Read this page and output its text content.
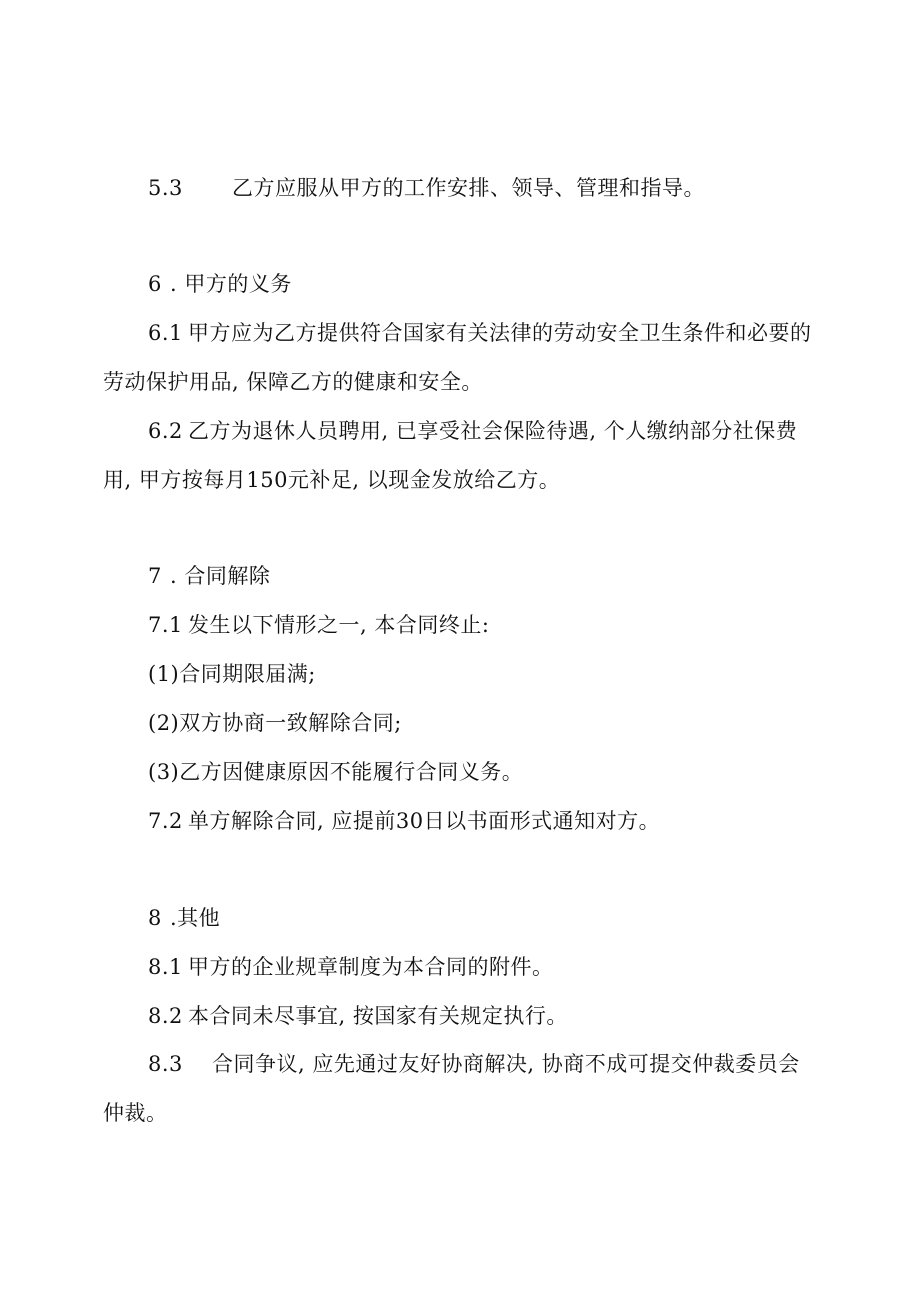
5.3 乙方应服从甲方的工作安排、领导、管理和指导。
6 . 甲方的义务
6.1 甲方应为乙方提供符合国家有关法律的劳动安全卫生条件和必要的
劳动保护用品, 保障乙方的健康和安全。
6.2 乙方为退休人员聘用, 已享受社会保险待遇, 个人缴纳部分社保费
用, 甲方按每月150元补足, 以现金发放给乙方。
7 . 合同解除
7.1 发生以下情形之一, 本合同终止:
(1)合同期限届满;
(2)双方协商一致解除合同;
(3)乙方因健康原因不能履行合同义务。
7.2 单方解除合同, 应提前30日以书面形式通知对方。
8 .其他
8.1 甲方的企业规章制度为本合同的附件。
8.2 本合同未尽事宜, 按国家有关规定执行。
8.3 合同争议, 应先通过友好协商解决, 协商不成可提交仲裁委员会
仲裁。
